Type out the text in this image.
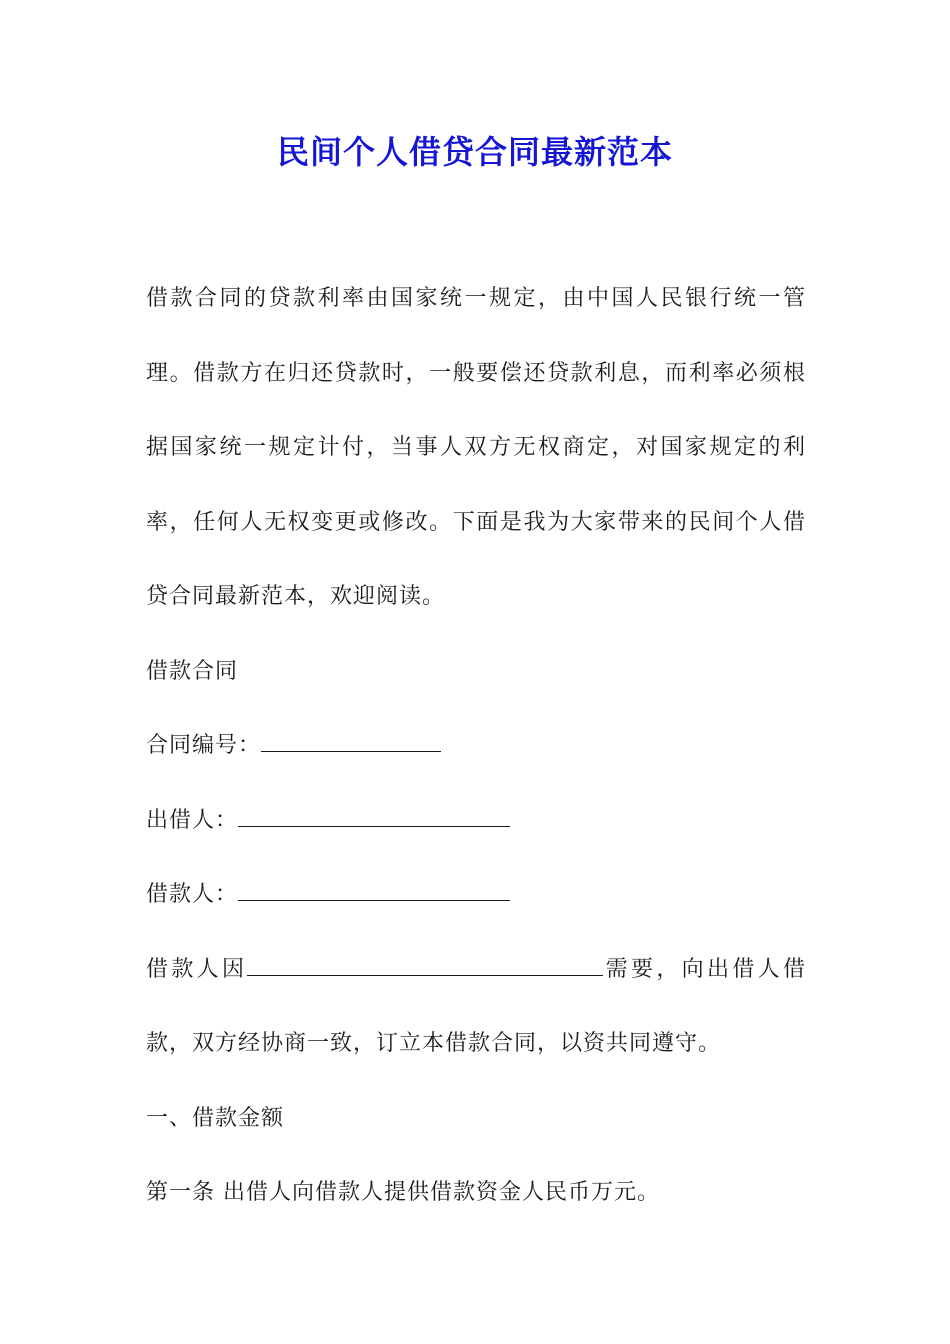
民间个人借贷合同最新范本

借款合同的贷款利率由国家统一规定，由中国人民银行统一管理。借款方在归还贷款时，一般要偿还贷款利息，而利率必须根据国家统一规定计付，当事人双方无权商定，对国家规定的利率，任何人无权变更或修改。下面是我为大家带来的民间个人借贷合同最新范本，欢迎阅读。

借款合同

合同编号：

出借人：

借款人：

借款人因	需要，向出借人借款，双方经协商一致，订立本借款合同，以资共同遵守。

一、借款金额

第一条 出借人向借款人提供借款资金人民币万元。
